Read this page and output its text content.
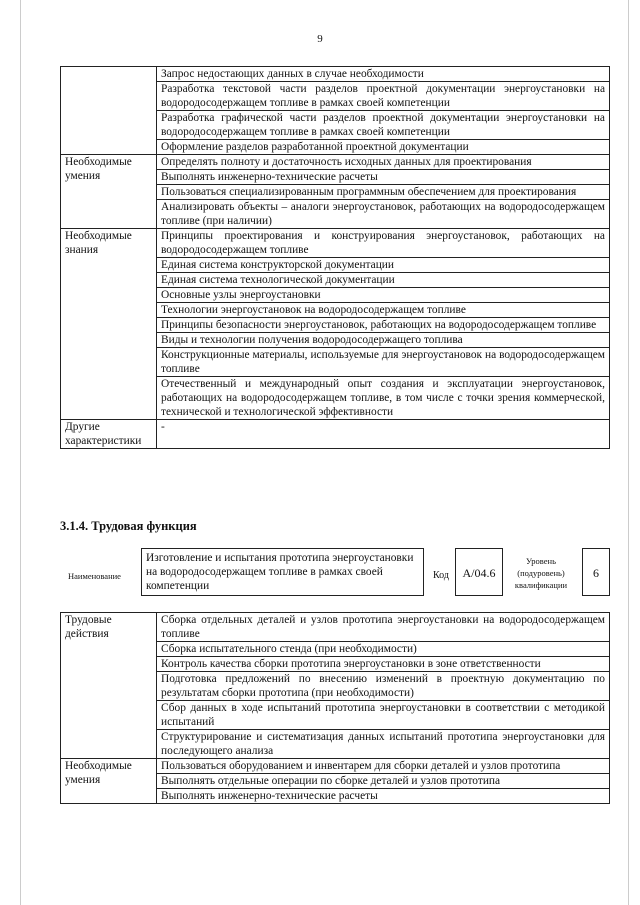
9
	Запрос недостающих данных в случае необходимости
	Разработка текстовой части разделов проектной документации энергоустановки на водородосодержащем топливе в рамках своей компетенции
	Разработка графической части разделов проектной документации энергоустановки на водородосодержащем топливе в рамках своей компетенции
	Оформление разделов разработанной проектной документации
Необходимые умения	Определять полноту и достаточность исходных данных для проектирования
	Выполнять инженерно-технические расчеты
	Пользоваться специализированным программным обеспечением для проектирования
	Анализировать объекты – аналоги энергоустановок, работающих на водородосодержащем топливе (при наличии)
Необходимые знания	Принципы проектирования и конструирования энергоустановок, работающих на водородосодержащем топливе
	Единая система конструкторской документации
	Единая система технологической документации
	Основные узлы энергоустановки
	Технологии энергоустановок на водородосодержащем топливе
	Принципы безопасности энергоустановок, работающих на водородосодержащем топливе
	Виды и технологии получения водородосодержащего топлива
	Конструкционные материалы, используемые для энергоустановок на водородосодержащем топливе
	Отечественный и международный опыт создания и эксплуатации энергоустановок, работающих на водородосодержащем топливе, в том числе с точки зрения коммерческой, технической и технологической эффективности
Другие характеристики	-
3.1.4. Трудовая функция
Наименование
Изготовление и испытания прототипа энергоустановки на водородосодержащем топливе в рамках своей компетенции
Код	А/04.6
Уровень (подуровень) квалификации
6
Трудовые действия	Сборка отдельных деталей и узлов прототипа энергоустановки на водородосодержащем топливе
	Сборка испытательного стенда (при необходимости)
	Контроль качества сборки прототипа энергоустановки в зоне ответственности
	Подготовка предложений по внесению изменений в проектную документацию по результатам сборки прототипа (при необходимости)
	Сбор данных в ходе испытаний прототипа энергоустановки в соответствии с методикой испытаний
	Структурирование и систематизация данных испытаний прототипа энергоустановки для последующего анализа
Необходимые умения	Пользоваться оборудованием и инвентарем для сборки деталей и узлов прототипа
	Выполнять отдельные операции по сборке деталей и узлов прототипа
	Выполнять инженерно-технические расчеты
